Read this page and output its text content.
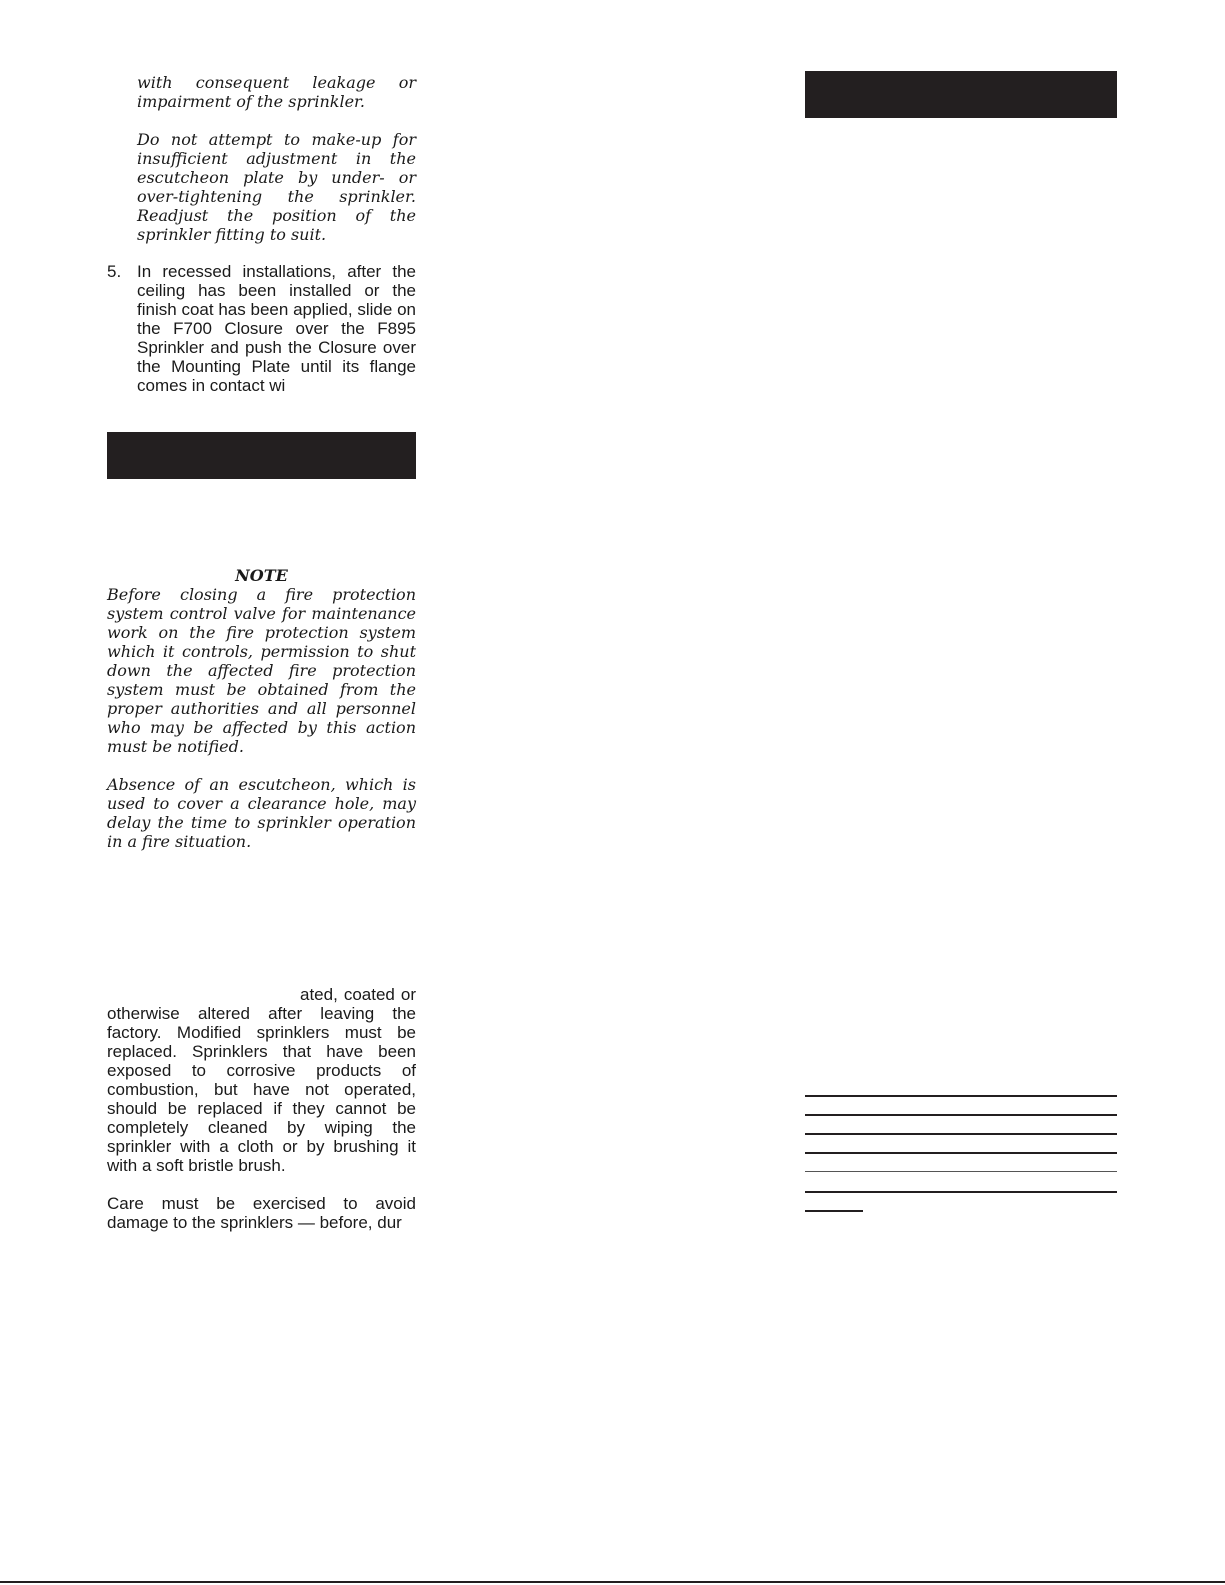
with consequent leakage or impairment of the sprinkler.

Do not attempt to make-up for insufficient adjustment in the escutcheon plate by under- or over-tightening the sprinkler. Readjust the position of the sprinkler fitting to suit.

5. In recessed installations, after the ceiling has been installed or the finish coat has been applied, slide on the F700 Closure over the F895 Sprinkler and push the Closure over the Mounting Plate until its flange comes in contact wi

NOTE

Before closing a fire protection system control valve for maintenance work on the fire protection system which it controls, permission to shut down the affected fire protection system must be obtained from the proper authorities and all personnel who may be affected by this action must be notified.

Absence of an escutcheon, which is used to cover a clearance hole, may delay the time to sprinkler operation in a fire situation.

ated, coated or otherwise altered after leaving the factory. Modified sprinklers must be replaced. Sprinklers that have been exposed to corrosive products of combustion, but have not operated, should be replaced if they cannot be completely cleaned by wiping the sprinkler with a cloth or by brushing it with a soft bristle brush.

Care must be exercised to avoid damage to the sprinklers — before, dur
